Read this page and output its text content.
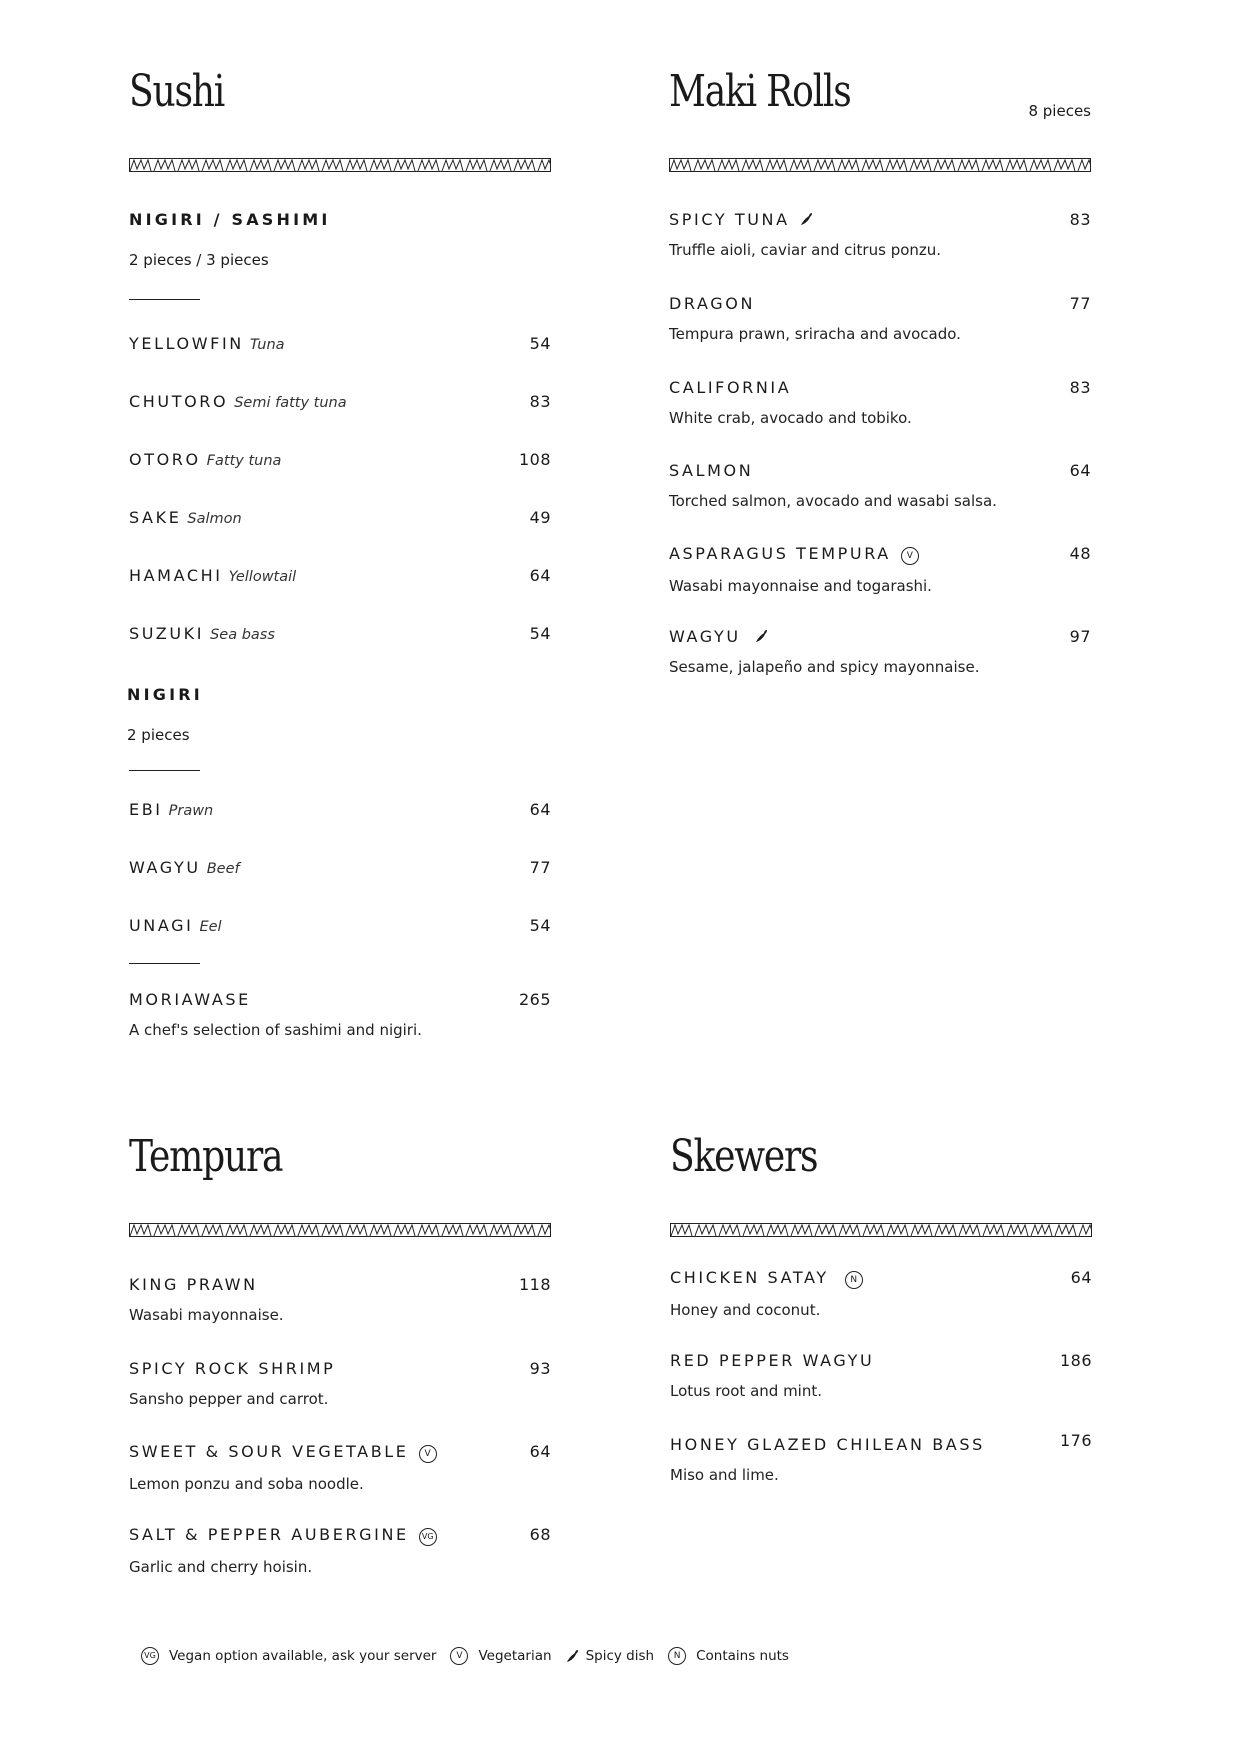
Sushi
NIGIRI / SASHIMI
2 pieces / 3 pieces
YELLOWFIN Tuna	54
CHUTORO Semi fatty tuna	83
OTORO Fatty tuna	108
SAKE Salmon	49
HAMACHI Yellowtail	64
SUZUKI Sea bass	54
NIGIRI
2 pieces
EBI Prawn	64
WAGYU Beef	77
UNAGI Eel	54
MORIAWASE	265
A chef's selection of sashimi and nigiri.
Maki Rolls	8 pieces
SPICY TUNA	83
Truffle aioli, caviar and citrus ponzu.
DRAGON	77
Tempura prawn, sriracha and avocado.
CALIFORNIA	83
White crab, avocado and tobiko.
SALMON	64
Torched salmon, avocado and wasabi salsa.
ASPARAGUS TEMPURA V	48
Wasabi mayonnaise and togarashi.
WAGYU	97
Sesame, jalapeño and spicy mayonnaise.
Tempura
KING PRAWN	118
Wasabi mayonnaise.
SPICY ROCK SHRIMP	93
Sansho pepper and carrot.
SWEET & SOUR VEGETABLE V	64
Lemon ponzu and soba noodle.
SALT & PEPPER AUBERGINE VG	68
Garlic and cherry hoisin.
Skewers
CHICKEN SATAY N	64
Honey and coconut.
RED PEPPER WAGYU	186
Lotus root and mint.
HONEY GLAZED CHILEAN BASS	176
Miso and lime.
VG Vegan option available, ask your server	V	Vegetarian	Spicy dish	N	Contains nuts
